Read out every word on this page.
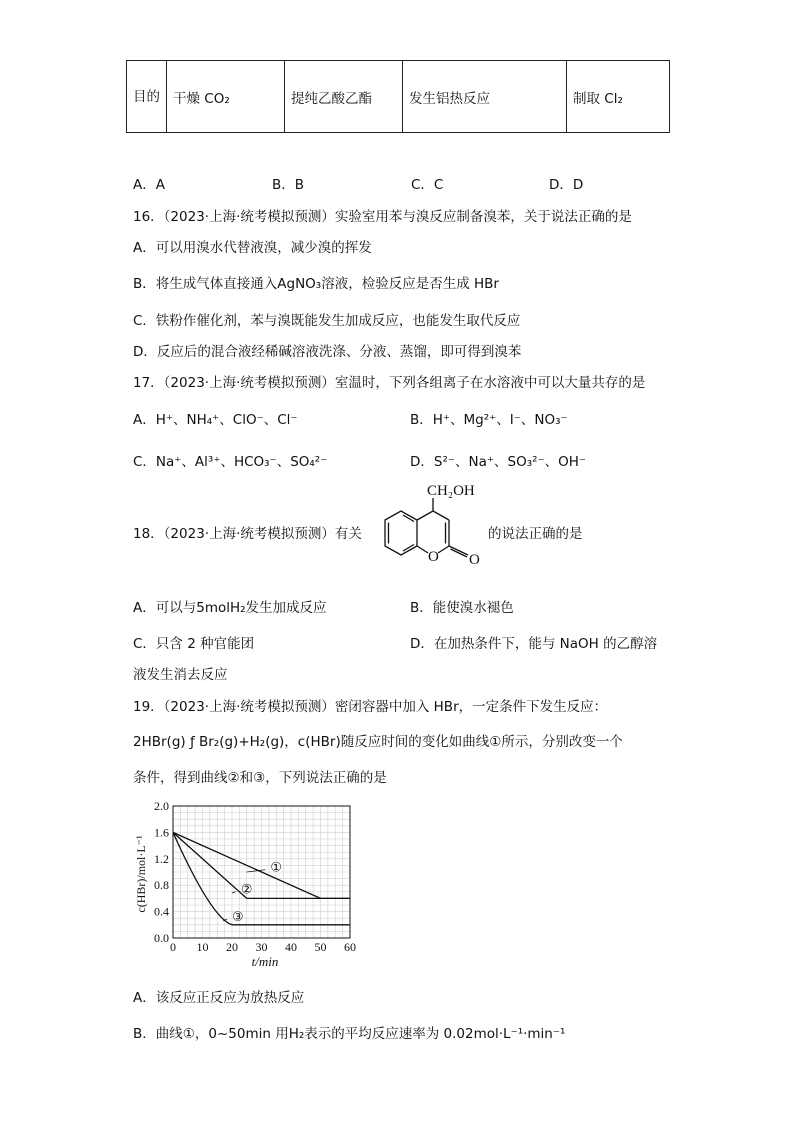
目的	干燥 CO₂	提纯乙酸乙酯	发生铝热反应	制取 Cl₂
A．A	B．B	C．C	D．D
16．（2023·上海·统考模拟预测）实验室用苯与溴反应制备溴苯，关于说法正确的是
A．可以用溴水代替液溴，减少溴的挥发
B．将生成气体直接通入AgNO₃溶液，检验反应是否生成 HBr
C．铁粉作催化剂，苯与溴既能发生加成反应，也能发生取代反应
D．反应后的混合液经稀碱溶液洗涤、分液、蒸馏，即可得到溴苯
17．（2023·上海·统考模拟预测）室温时，下列各组离子在水溶液中可以大量共存的是
A．H⁺、NH₄⁺、ClO⁻、Cl⁻	B．H⁺、Mg²⁺、I⁻、NO₃⁻
C．Na⁺、Al³⁺、HCO₃⁻、SO₄²⁻	D．S²⁻、Na⁺、SO₃²⁻、OH⁻
18．（2023·上海·统考模拟预测）有关	的说法正确的是
CH₂OH
O O
A．可以与5molH₂发生加成反应	B．能使溴水褪色
C．只含 2 种官能团	D．在加热条件下，能与 NaOH 的乙醇溶
液发生消去反应
19．（2023·上海·统考模拟预测）密闭容器中加入 HBr，一定条件下发生反应：
2HBr(g) ƒ Br₂(g)+H₂(g)，c(HBr)随反应时间的变化如曲线①所示，分别改变一个
条件，得到曲线②和③，下列说法正确的是
①
②
③
0 10 20 30 40 50 60
0.0
0.4
0.8
1.2
1.6
2.0
t/min
c(HBr)/mol·L⁻¹
A．该反应正反应为放热反应
B．曲线①，0~50min 用H₂表示的平均反应速率为 0.02mol·L⁻¹·min⁻¹
